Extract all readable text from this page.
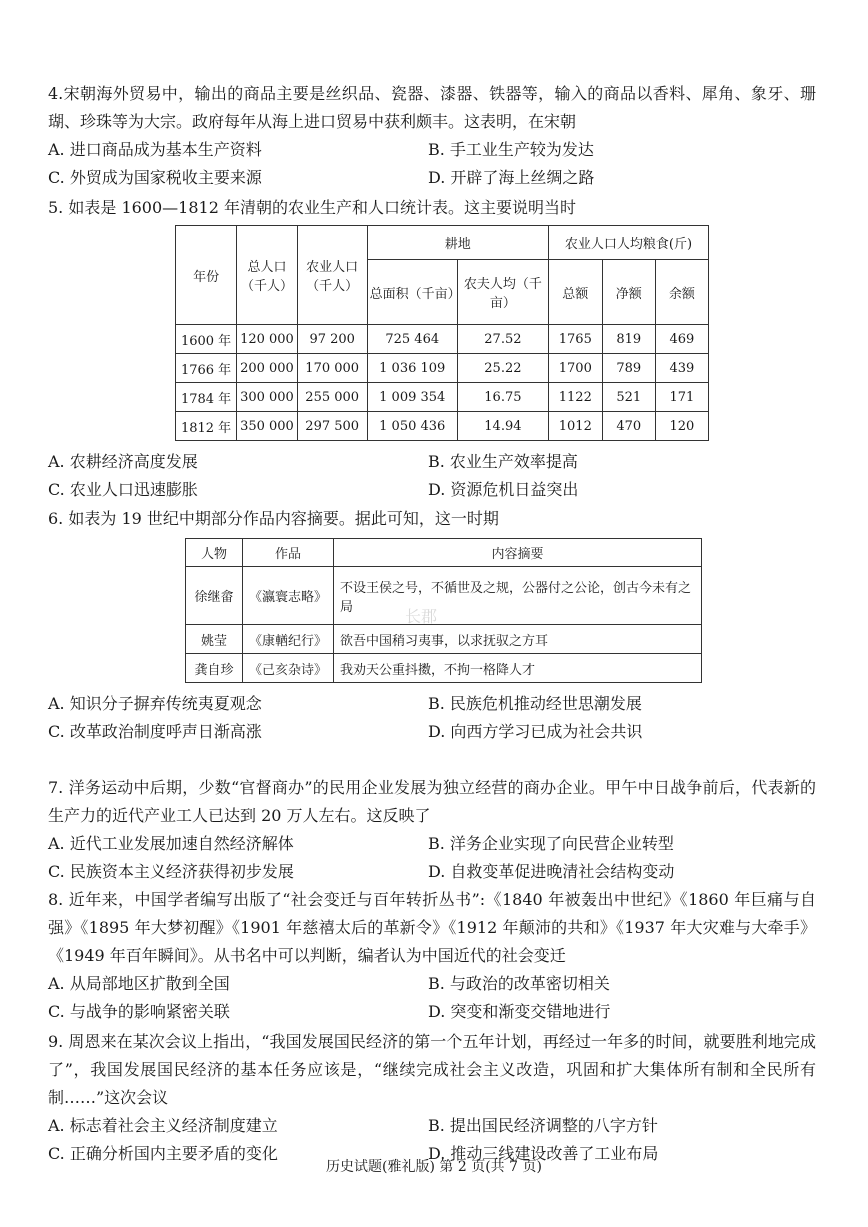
4.宋朝海外贸易中，输出的商品主要是丝织品、瓷器、漆器、铁器等，输入的商品以香料、犀角、象牙、珊瑚、珍珠等为大宗。政府每年从海上进口贸易中获利颇丰。这表明，在宋朝
A. 进口商品成为基本生产资料	B. 手工业生产较为发达
C. 外贸成为国家税收主要来源	D. 开辟了海上丝绸之路
5. 如表是 1600—1812 年清朝的农业生产和人口统计表。这主要说明当时
年份	总人口（千人）	农业人口（千人）	耕地		农业人口人均粮食(斤)		
			总面积（千亩）	农夫人均（千亩）	总额	净额	余额
1600 年	120 000	97 200	725 464	27.52	1765	819	469
1766 年	200 000	170 000	1 036 109	25.22	1700	789	439
1784 年	300 000	255 000	1 009 354	16.75	1122	521	171
1812 年	350 000	297 500	1 050 436	14.94	1012	470	120
A. 农耕经济高度发展	B. 农业生产效率提高
C. 农业人口迅速膨胀	D. 资源危机日益突出
6. 如表为 19 世纪中期部分作品内容摘要。据此可知，这一时期
人物	作品	内容摘要
徐继畲	《瀛寰志略》	不设王侯之号，不循世及之规，公器付之公论，创古今未有之局
姚莹	《康輶纪行》	欲吾中国稍习夷事，以求抚驭之方耳
龚自珍	《己亥杂诗》	我劝天公重抖擞，不拘一格降人才
长郡
A. 知识分子摒弃传统夷夏观念	B. 民族危机推动经世思潮发展
C. 改革政治制度呼声日渐高涨	D. 向西方学习已成为社会共识
7. 洋务运动中后期，少数“官督商办”的民用企业发展为独立经营的商办企业。甲午中日战争前后，代表新的生产力的近代产业工人已达到 20 万人左右。这反映了
A. 近代工业发展加速自然经济解体	B. 洋务企业实现了向民营企业转型
C. 民族资本主义经济获得初步发展	D. 自救变革促进晚清社会结构变动
8. 近年来，中国学者编写出版了“社会变迁与百年转折丛书”:《1840 年被轰出中世纪》《1860 年巨痛与自强》《1895 年大梦初醒》《1901 年慈禧太后的革新令》《1912 年颠沛的共和》《1937 年大灾难与大牵手》《1949 年百年瞬间》。从书名中可以判断，编者认为中国近代的社会变迁
A. 从局部地区扩散到全国	B. 与政治的改革密切相关
C. 与战争的影响紧密关联	D. 突变和渐变交错地进行
9. 周恩来在某次会议上指出，“我国发展国民经济的第一个五年计划，再经过一年多的时间，就要胜利地完成了”，我国发展国民经济的基本任务应该是，“继续完成社会主义改造，巩固和扩大集体所有制和全民所有制……”这次会议
A. 标志着社会主义经济制度建立	B. 提出国民经济调整的八字方针
C. 正确分析国内主要矛盾的变化	D. 推动三线建设改善了工业布局
历史试题(雅礼版) 第 2 页(共 7 页)
